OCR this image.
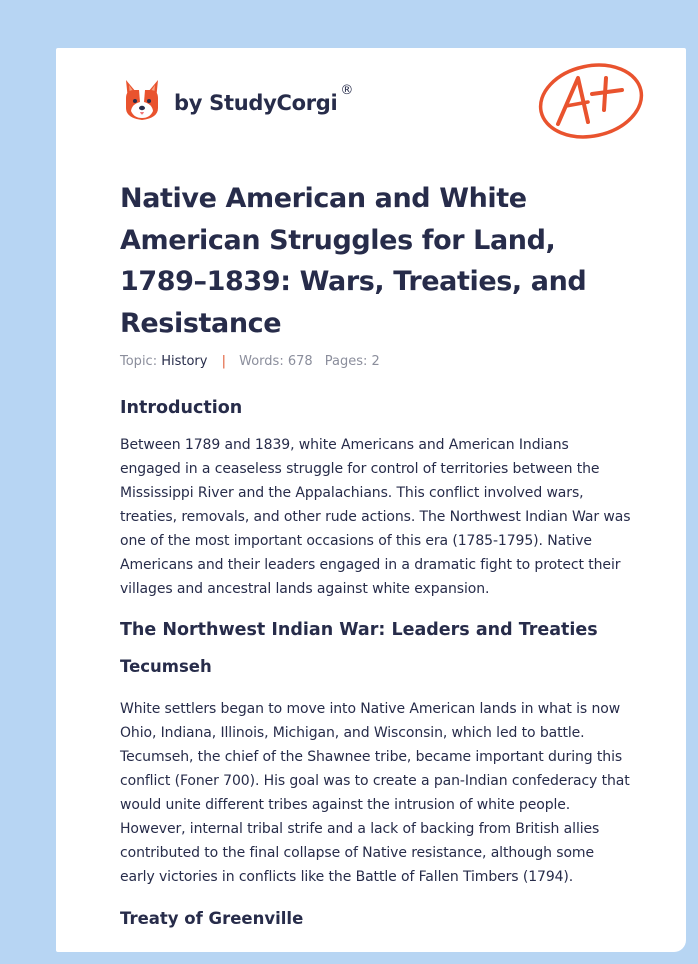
by StudyCorgi
®
Native American and White American Struggles for Land, 1789–1839: Wars, Treaties, and Resistance
Topic: History | Words: 678 Pages: 2
Introduction

Between 1789 and 1839, white Americans and American Indians engaged in a ceaseless struggle for control of territories between the Mississippi River and the Appalachians. This conflict involved wars, treaties, removals, and other rude actions. The Northwest Indian War was one of the most important occasions of this era (1785-1795). Native Americans and their leaders engaged in a dramatic fight to protect their villages and ancestral lands against white expansion.

The Northwest Indian War: Leaders and Treaties
Tecumseh

White settlers began to move into Native American lands in what is now Ohio, Indiana, Illinois, Michigan, and Wisconsin, which led to battle. Tecumseh, the chief of the Shawnee tribe, became important during this conflict (Foner 700). His goal was to create a pan-Indian confederacy that would unite different tribes against the intrusion of white people. However, internal tribal strife and a lack of backing from British allies contributed to the final collapse of Native resistance, although some early victories in conflicts like the Battle of Fallen Timbers (1794).

Treaty of Greenville
